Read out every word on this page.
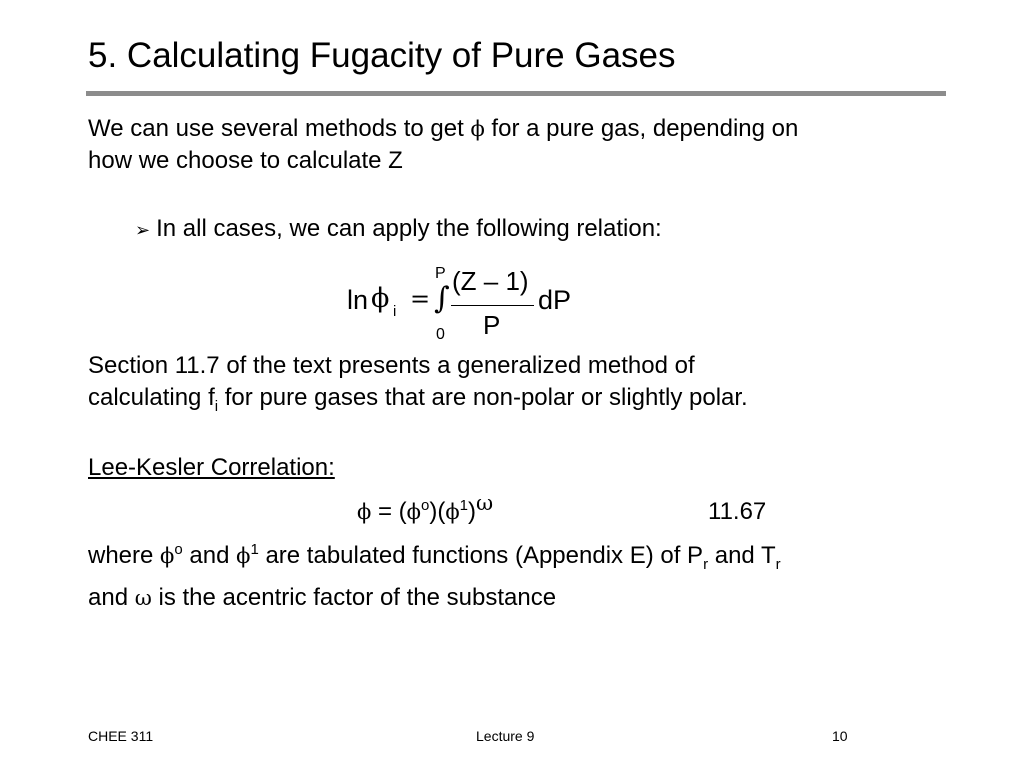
5. Calculating Fugacity of Pure Gases
We can use several methods to get ϕ for a pure gas, depending on
how we choose to calculate Z
➢ In all cases, we can apply the following relation:
ln ϕ i = ∫
P
0
(Z – 1)
P
dP
Section 11.7 of the text presents a generalized method of
calculating $f_i$ for pure gases that are non-polar or slightly polar.
Lee-Kesler Correlation:
$\phi = (\phi^o)(\phi^1)^\omega$	11.67
where $\phi^o$ and $\phi^1$ are tabulated functions (Appendix E) of $P_r$ and $T_r$
and ω is the acentric factor of the substance
CHEE 311	Lecture 9	10
